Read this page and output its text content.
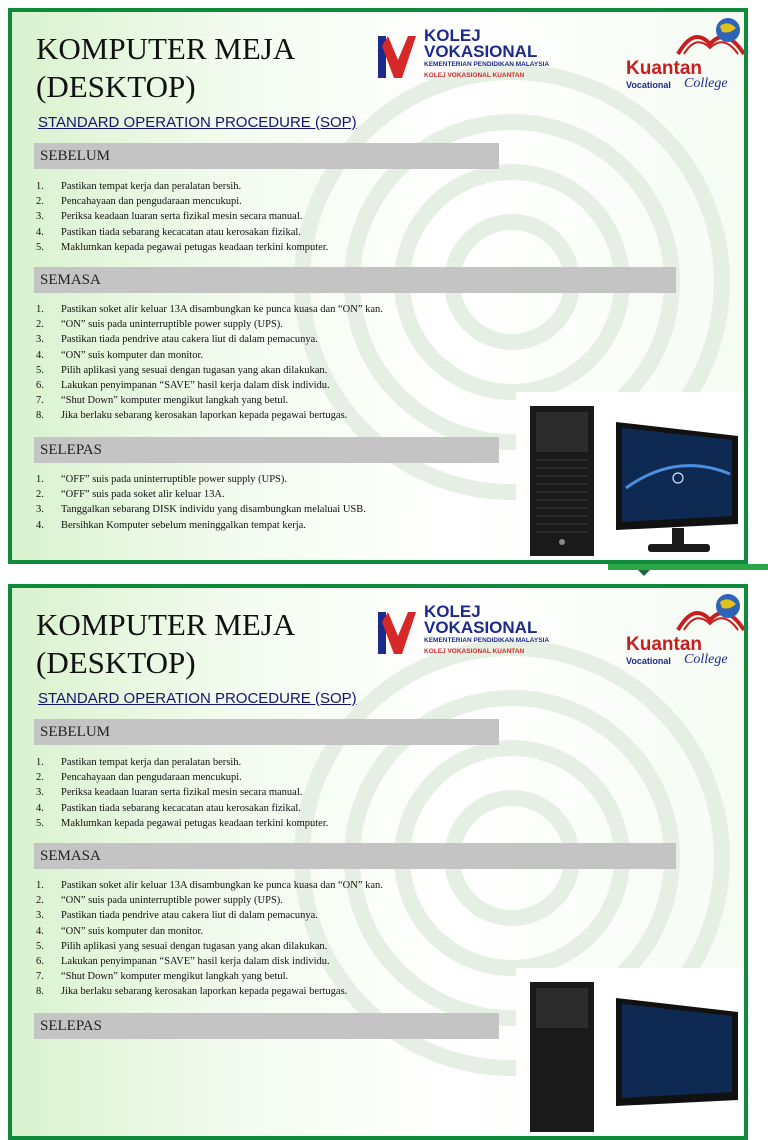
KOMPUTER MEJA
(DESKTOP)
STANDARD OPERATION PROCEDURE (SOP)
KOLEJ
VOKASIONAL
KEMENTERIAN PENDIDIKAN MALAYSIA
KOLEJ VOKASIONAL KUANTAN	Kuantan
Vocational College
SEBELUM
1.	Pastikan tempat kerja dan peralatan bersih.
2.	Pencahayaan dan pengudaraan mencukupi.
3.	Periksa keadaan luaran serta fizikal mesin secara manual.
4.	Pastikan tiada sebarang kecacatan atau kerosakan fizikal.
5.	Maklumkan kepada pegawai petugas keadaan terkini komputer.
SEMASA
1.	Pastikan soket alir keluar 13A disambungkan ke punca kuasa dan “ON” kan.
2.	“ON” suis pada uninterruptible power supply (UPS).
3.	Pastikan tiada pendrive atau cakera liut di dalam pemacunya.
4.	“ON” suis komputer dan monitor.
5.	Pilih aplikasi yang sesuai dengan tugasan yang akan dilakukan.
6.	Lakukan penyimpanan “SAVE” hasil kerja dalam disk individu.
7.	“Shut Down” komputer mengikut langkah yang betul.
8.	Jika berlaku sebarang kerosakan laporkan kepada pegawai bertugas.
SELEPAS
1.	“OFF” suis pada uninterruptible power supply (UPS).
2.	“OFF” suis pada soket alir keluar 13A.
3.	Tanggalkan sebarang DISK individu yang disambungkan melaluai USB.
4.	Bersihkan Komputer sebelum meninggalkan tempat kerja.
KOMPUTER MEJA
(DESKTOP)
STANDARD OPERATION PROCEDURE (SOP)
KOLEJ
VOKASIONAL
KEMENTERIAN PENDIDIKAN MALAYSIA
KOLEJ VOKASIONAL KUANTAN	Kuantan
Vocational College
SEBELUM
1.	Pastikan tempat kerja dan peralatan bersih.
2.	Pencahayaan dan pengudaraan mencukupi.
3.	Periksa keadaan luaran serta fizikal mesin secara manual.
4.	Pastikan tiada sebarang kecacatan atau kerosakan fizikal.
5.	Maklumkan kepada pegawai petugas keadaan terkini komputer.
SEMASA
1.	Pastikan soket alir keluar 13A disambungkan ke punca kuasa dan “ON” kan.
2.	“ON” suis pada uninterruptible power supply (UPS).
3.	Pastikan tiada pendrive atau cakera liut di dalam pemacunya.
4.	“ON” suis komputer dan monitor.
5.	Pilih aplikasi yang sesuai dengan tugasan yang akan dilakukan.
6.	Lakukan penyimpanan “SAVE” hasil kerja dalam disk individu.
7.	“Shut Down” komputer mengikut langkah yang betul.
8.	Jika berlaku sebarang kerosakan laporkan kepada pegawai bertugas.
SELEPAS
